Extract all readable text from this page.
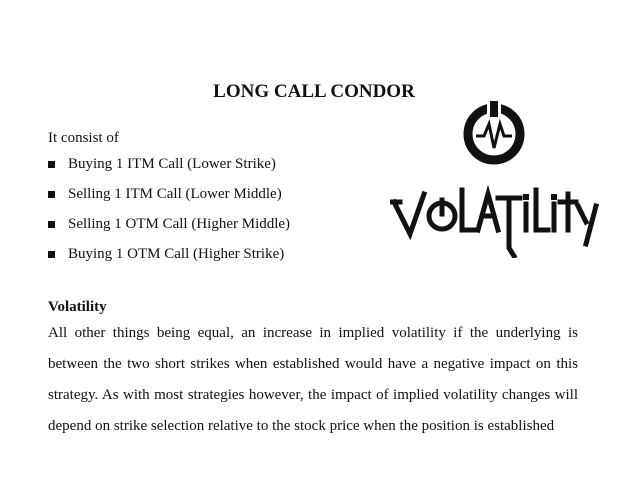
LONG CALL CONDOR
It consist of
Buying 1 ITM Call (Lower Strike)
Selling 1 ITM Call (Lower Middle)
Selling 1 OTM Call (Higher Middle)
Buying 1 OTM Call (Higher Strike)
Volatility
All other things being equal, an increase in implied volatility if the underlying is between the two short strikes when established would have a negative impact on this strategy. As with most strategies however, the impact of implied volatility changes will depend on strike selection relative to the stock price when the position is established
